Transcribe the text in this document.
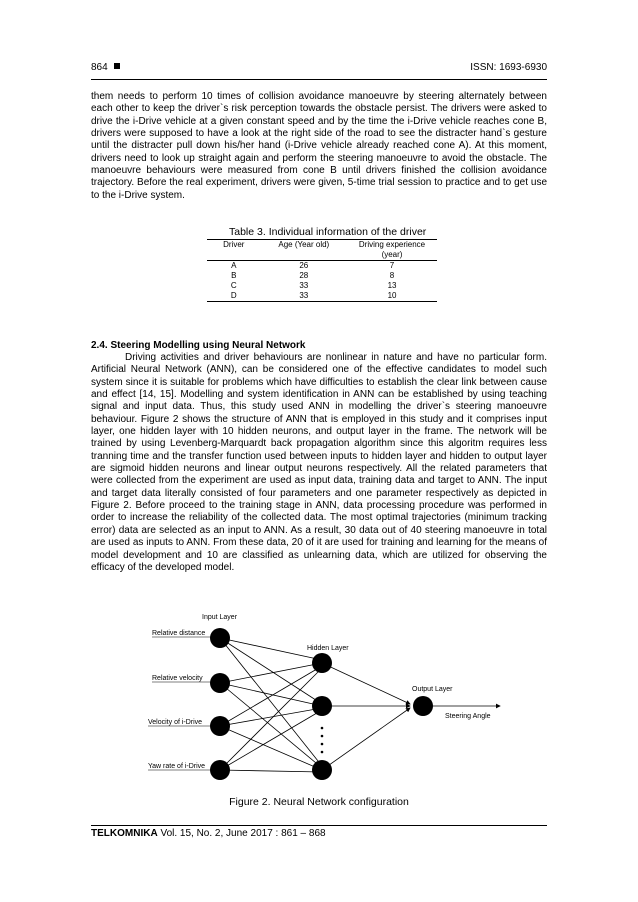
864	ISSN: 1693-6930
them needs to perform 10 times of collision avoidance manoeuvre by steering alternately between each other to keep the driver`s risk perception towards the obstacle persist. The drivers were asked to drive the i-Drive vehicle at a given constant speed and by the time the i-Drive vehicle reaches cone B, drivers were supposed to have a look at the right side of the road to see the distracter hand`s gesture until the distracter pull down his/her hand (i-Drive vehicle already reached cone A). At this moment, drivers need to look up straight again and perform the steering manoeuvre to avoid the obstacle. The manoeuvre behaviours were measured from cone B until drivers finished the collision avoidance trajectory. Before the real experiment, drivers were given, 5-time trial session to practice and to get use to the i-Drive system.
Table 3. Individual information of the driver
Driver	Age (Year old)	Driving experience (year)
A	26	7
B	28	8
C	33	13
D	33	10
2.4. Steering Modelling using Neural Network
Driving activities and driver behaviours are nonlinear in nature and have no particular form. Artificial Neural Network (ANN), can be considered one of the effective candidates to model such system since it is suitable for problems which have difficulties to establish the clear link between cause and effect [14, 15]. Modelling and system identification in ANN can be established by using teaching signal and input data. Thus, this study used ANN in modelling the driver`s steering manoeuvre behaviour. Figure 2 shows the structure of ANN that is employed in this study and it comprises input layer, one hidden layer with 10 hidden neurons, and output layer in the frame. The network will be trained by using Levenberg-Marquardt back propagation algorithm since this algoritm requires less tranning time and the transfer function used between inputs to hidden layer and hidden to output layer are sigmoid hidden neurons and linear output neurons respectively. All the related parameters that were collected from the experiment are used as input data, training data and target to ANN. The input and target data literally consisted of four parameters and one parameter respectively as depicted in Figure 2. Before proceed to the training stage in ANN, data processing procedure was performed in order to increase the reliability of the collected data. The most optimal trajectories (minimum tracking error) data are selected as an input to ANN. As a result, 30 data out of 40 steering manoeuvre in total are used as inputs to ANN. From these data, 20 of it are used for training and learning for the means of model development and 10 are classified as unlearning data, which are utilized for observing the efficacy of the developed model.
Input Layer
Hidden Layer
Output Layer
Relative distance
Relative velocity
Velocity of i-Drive
Yaw rate of i-Drive
Steering Angle
Figure 2. Neural Network configuration
TELKOMNIKA Vol. 15, No. 2, June 2017 : 861 – 868
